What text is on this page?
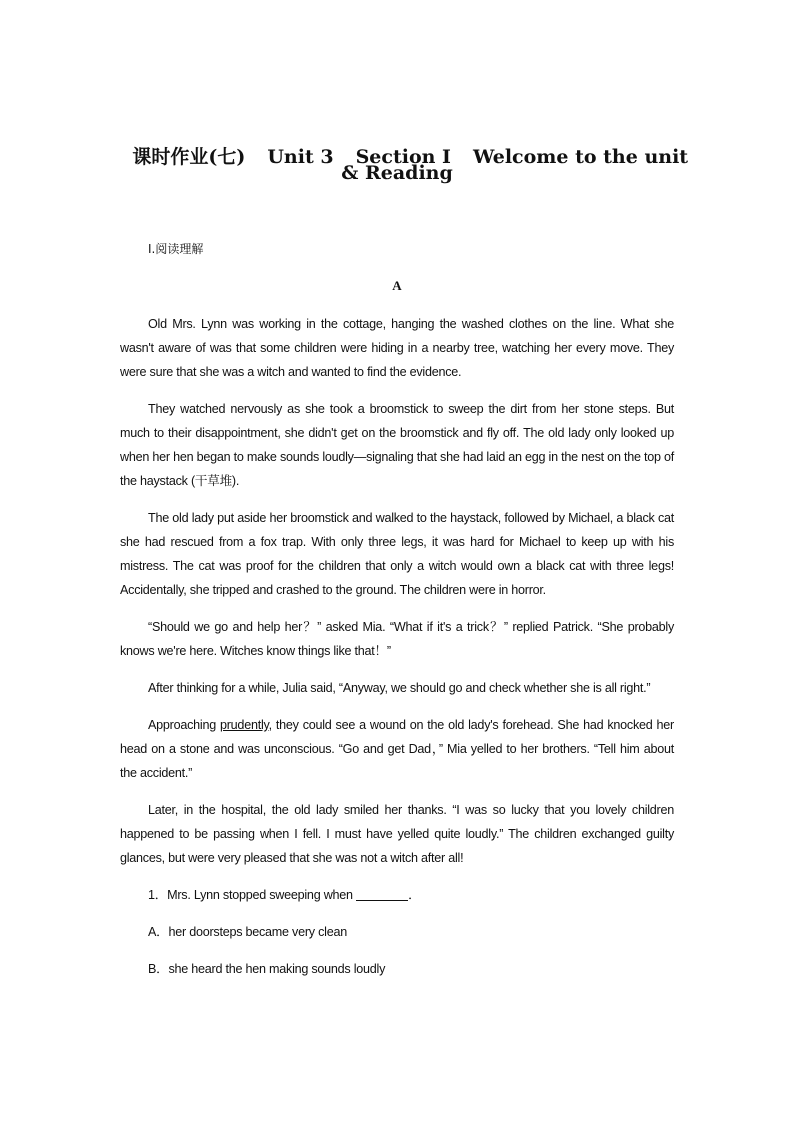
课时作业(七) Unit 3 Section Ⅰ Welcome to the unit

& Reading
Ⅰ.阅读理解
A

Old Mrs. Lynn was working in the cottage, hanging the washed clothes on the line. What she wasn't aware of was that some children were hiding in a nearby tree, watching her every move. They were sure that she was a witch and wanted to find the evidence.

They watched nervously as she took a broomstick to sweep the dirt from her stone steps. But much to their disappointment, she didn't get on the broomstick and fly off. The old lady only looked up when her hen began to make sounds loudly—signaling that she had laid an egg in the nest on the top of the haystack (干草堆).

The old lady put aside her broomstick and walked to the haystack, followed by Michael, a black cat she had rescued from a fox trap. With only three legs, it was hard for Michael to keep up with his mistress. The cat was proof for the children that only a witch would own a black cat with three legs! Accidentally, she tripped and crashed to the ground. The children were in horror.

“Should we go and help her？” asked Mia. “What if it's a trick？” replied Patrick. “She probably knows we're here. Witches know things like that！”

After thinking for a while, Julia said, “Anyway, we should go and check whether she is all right.”

Approaching prudently, they could see a wound on the old lady's forehead. She had knocked her head on a stone and was unconscious. “Go and get Dad，” Mia yelled to her brothers. “Tell him about the accident.”

Later, in the hospital, the old lady smiled her thanks. “I was so lucky that you lovely children happened to be passing when I fell. I must have yelled quite loudly.” The children exchanged guilty glances, but were very pleased that she was not a witch after all!

1．Mrs. Lynn stopped sweeping when	．
A．her doorsteps became very clean
B．she heard the hen making sounds loudly
